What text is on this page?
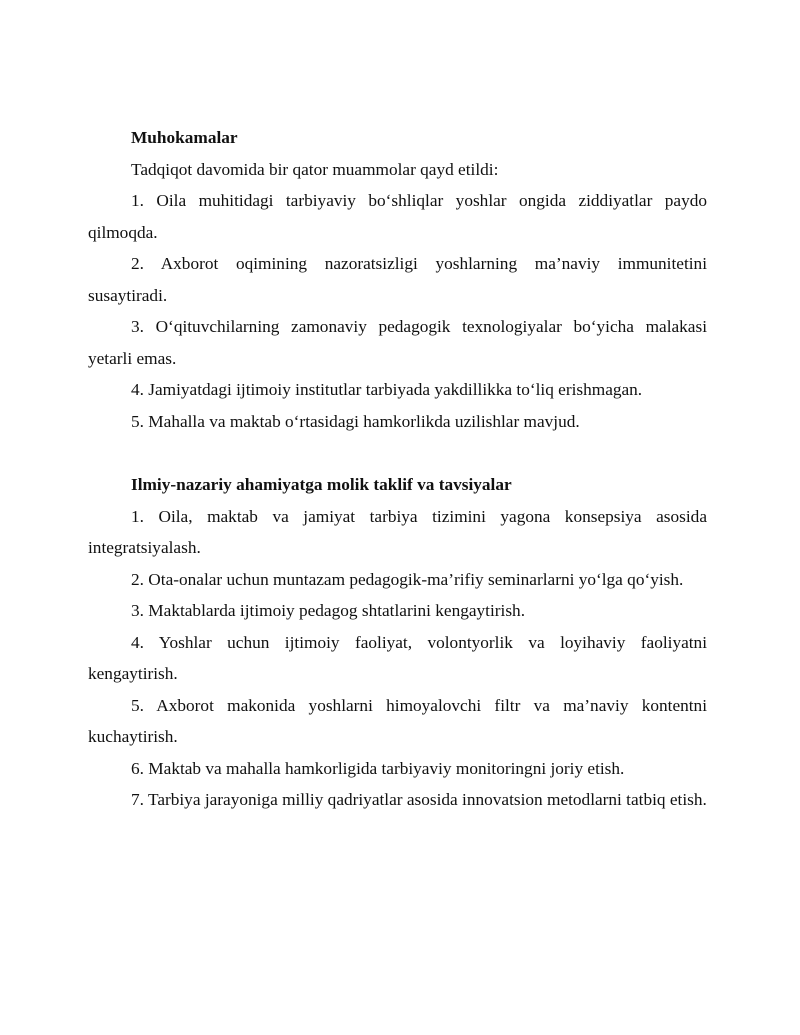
Muhokamalar

Tadqiqot davomida bir qator muammolar qayd etildi:

1. Oila muhitidagi tarbiyaviy bo‘shliqlar yoshlar ongida ziddiyatlar paydo qilmoqda.

2. Axborot oqimining nazoratsizligi yoshlarning ma’naviy immunitetini susaytiradi.

3. O‘qituvchilarning zamonaviy pedagogik texnologiyalar bo‘yicha malakasi yetarli emas.

4. Jamiyatdagi ijtimoiy institutlar tarbiyada yakdillikka to‘liq erishmagan.

5. Mahalla va maktab o‘rtasidagi hamkorlikda uzilishlar mavjud.

Ilmiy-nazariy ahamiyatga molik taklif va tavsiyalar

1. Oila, maktab va jamiyat tarbiya tizimini yagona konsepsiya asosida integratsiyalash.

2. Ota-onalar uchun muntazam pedagogik-ma’rifiy seminarlarni yo‘lga qo‘yish.

3. Maktablarda ijtimoiy pedagog shtatlarini kengaytirish.

4. Yoshlar uchun ijtimoiy faoliyat, volontyorlik va loyihaviy faoliyatni kengaytirish.

5. Axborot makonida yoshlarni himoyalovchi filtr va ma’naviy kontentni kuchaytirish.

6. Maktab va mahalla hamkorligida tarbiyaviy monitoringni joriy etish.

7. Tarbiya jarayoniga milliy qadriyatlar asosida innovatsion metodlarni tatbiq etish.
